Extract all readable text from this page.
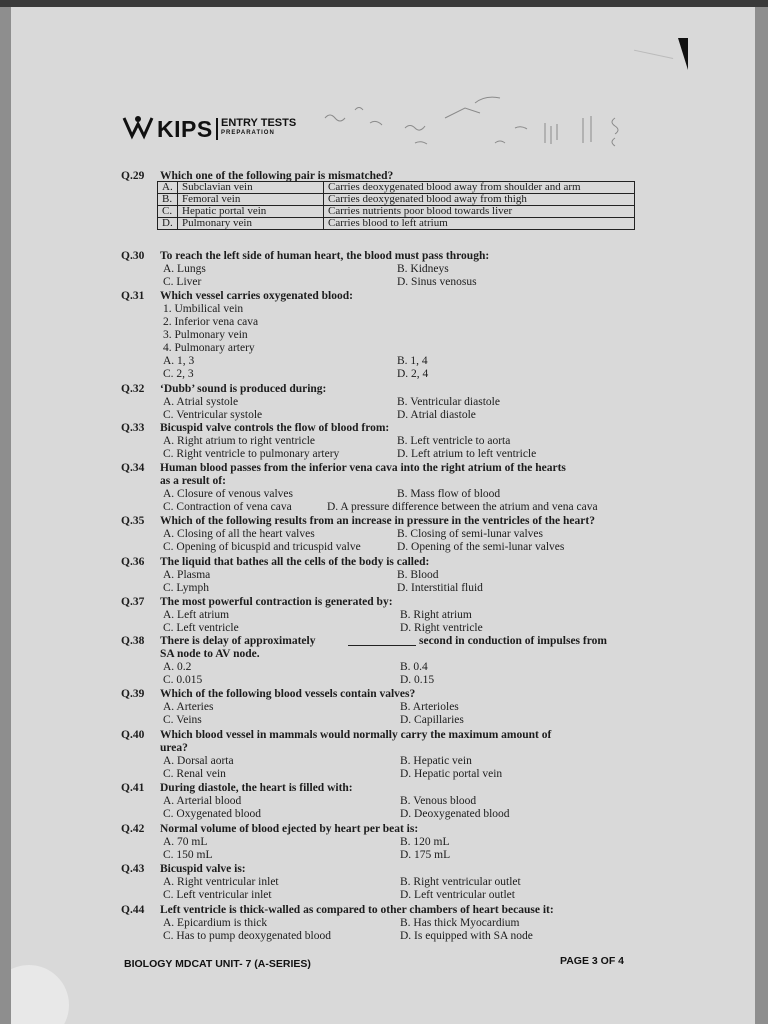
KIPS ENTRY TESTS
PREPARATION
Q.29 Which one of the following pair is mismatched?
A.	Subclavian vein	Carries deoxygenated blood away from shoulder and arm
B.	Femoral vein	Carries deoxygenated blood away from thigh
C.	Hepatic portal vein	Carries nutrients poor blood towards liver
D.	Pulmonary vein	Carries blood to left atrium
Q.30 To reach the left side of human heart, the blood must pass through:
A. Lungs	B. Kidneys
C. Liver	D. Sinus venosus
Q.31 Which vessel carries oxygenated blood:
1. Umbilical vein
2. Inferior vena cava
3. Pulmonary vein
4. Pulmonary artery
A. 1, 3	B. 1, 4
C. 2, 3	D. 2, 4
Q.32 ‘Dubb’ sound is produced during:
A. Atrial systole	B. Ventricular diastole
C. Ventricular systole	D. Atrial diastole
Q.33 Bicuspid valve controls the flow of blood from:
A. Right atrium to right ventricle	B. Left ventricle to aorta
C. Right ventricle to pulmonary artery	D. Left atrium to left ventricle
Q.34 Human blood passes from the inferior vena cava into the right atrium of the hearts
as a result of:
A. Closure of venous valves	B. Mass flow of blood
C. Contraction of vena cava	D. A pressure difference between the atrium and vena cava
Q.35 Which of the following results from an increase in pressure in the ventricles of the heart?
A. Closing of all the heart valves	B. Closing of semi-lunar valves
C. Opening of bicuspid and tricuspid valve	D. Opening of the semi-lunar valves
Q.36 The liquid that bathes all the cells of the body is called:
A. Plasma	B. Blood
C. Lymph	D. Interstitial fluid
Q.37 The most powerful contraction is generated by:
A. Left atrium	B. Right atrium
C. Left ventricle	D. Right ventricle
Q.38 There is delay of approximately	second in conduction of impulses from
SA node to AV node.
A. 0.2	B. 0.4
C. 0.015	D. 0.15
Q.39 Which of the following blood vessels contain valves?
A. Arteries	B. Arterioles
C. Veins	D. Capillaries
Q.40 Which blood vessel in mammals would normally carry the maximum amount of
urea?
A. Dorsal aorta	B. Hepatic vein
C. Renal vein	D. Hepatic portal vein
Q.41 During diastole, the heart is filled with:
A. Arterial blood	B. Venous blood
C. Oxygenated blood	D. Deoxygenated blood
Q.42 Normal volume of blood ejected by heart per beat is:
A. 70 mL	B. 120 mL
C. 150 mL	D. 175 mL
Q.43 Bicuspid valve is:
A. Right ventricular inlet	B. Right ventricular outlet
C. Left ventricular inlet	D. Left ventricular outlet
Q.44 Left ventricle is thick-walled as compared to other chambers of heart because it:
A. Epicardium is thick	B. Has thick Myocardium
C. Has to pump deoxygenated blood	D. Is equipped with SA node
BIOLOGY MDCAT UNIT- 7 (A-SERIES)	PAGE 3 OF 4
